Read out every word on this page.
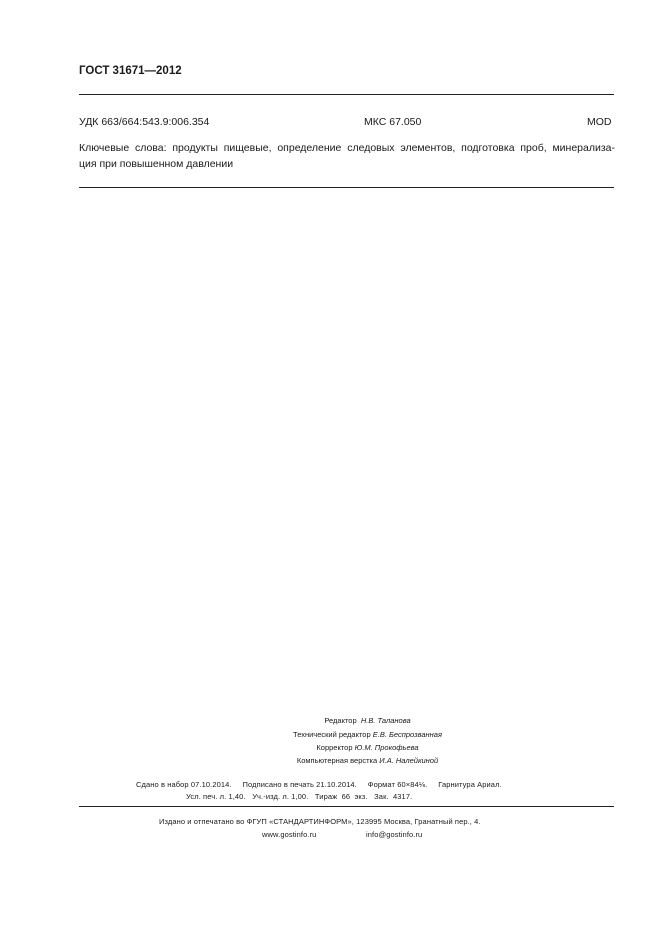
ГОСТ 31671—2012
УДК 663/664:543.9:006.354	МКС 67.050	MOD
Ключевые слова: продукты пищевые, определение следовых элементов, подготовка проб, минерализа-
ция при повышенном давлении
Редактор Н.В. Таланова
Технический редактор Е.В. Беспрозванная
Корректор Ю.М. Прокофьева
Компьютерная верстка И.А. Налейкиной
Сдано в набор 07.10.2014.     Подписано в печать 21.10.2014.     Формат 60×84⅛.     Гарнитура Ариал.
Усл. печ. л. 1,40.   Уч.-изд. л. 1,00.   Тираж  66  экз.   Зак.  4317.
Издано и отпечатано во ФГУП «СТАНДАРТИНФОРМ», 123995 Москва, Гранатный пер., 4.
www.gostinfo.ru	info@gostinfo.ru
